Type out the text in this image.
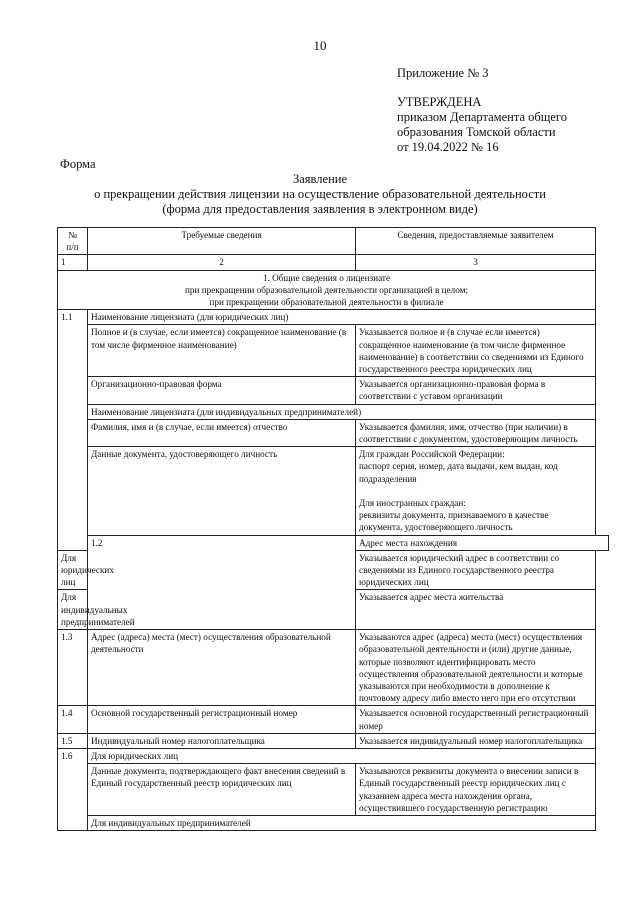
10
Приложение № 3
УТВЕРЖДЕНА
приказом Департамента общего
образования Томской области
от 19.04.2022 № 16
Форма
Заявление
о прекращении действия лицензии на осуществление образовательной деятельности
(форма для предоставления заявления в электронном виде)
№
п/п	Требуемые сведения	Сведения, предоставляемые заявителем
1	2	3
1. Общие сведения о лицензиате
при прекращении образовательной деятельности организацией в целом;
при прекращении образовательной деятельности в филиале		
1.1	Наименование лицензиата (для юридических лиц)	
	Полное и (в случае, если имеется) сокращенное наименование (в том числе фирменное наименование)	Указывается полное и (в случае если имеется) сокращенное наименование (в том числе фирменное наименование) в соответствии со сведениями из Единого государственного реестра юридических лиц
	Организационно-правовая форма	Указывается организационно-правовая форма в соответствии с уставом организации
	Наименование лицензиата (для индивидуальных предпринимателей)	
	Фамилия, имя и (в случае, если имеется) отчество	Указывается фамилия, имя, отчество (при наличии) в соответствии с документом, удостоверяющим личность
	Данные документа, удостоверяющего личность	Для граждан Российской Федерации:
паспорт серия, номер, дата выдачи, кем выдан, код подразделения

Для иностранных граждан:
реквизиты документа, признаваемого в качестве документа, удостоверяющего личность
	1.2	Адрес места нахождения
Для юридических лиц		Указывается юридический адрес в соответствии со сведениями из Единого государственного реестра юридических лиц
Для индивидуальных предпринимателей		Указывается адрес места жительства
1.3	Адрес (адреса) места (мест) осуществления образовательной деятельности	Указываются адрес (адреса) места (мест) осуществления образовательной деятельности и (или) другие данные, которые позволяют идентифицировать место осуществления образовательной деятельности и которые указываются при необходимости в дополнение к почтовому адресу либо вместо него при его отсутствии
1.4	Основной государственный регистрационный номер	Указывается основной государственный регистрационный номер
1.5	Индивидуальный номер налогоплательщика	Указывается индивидуальный номер налогоплательщика
1.6	Для юридических лиц	
	Данные документа, подтверждающего факт внесения сведений в Единый государственный реестр юридических лиц	Указываются реквизиты документа о внесении записи в Единый государственный реестр юридических лиц с указанием адреса места нахождения органа, осуществившего государственную регистрацию
	Для индивидуальных предпринимателей	
